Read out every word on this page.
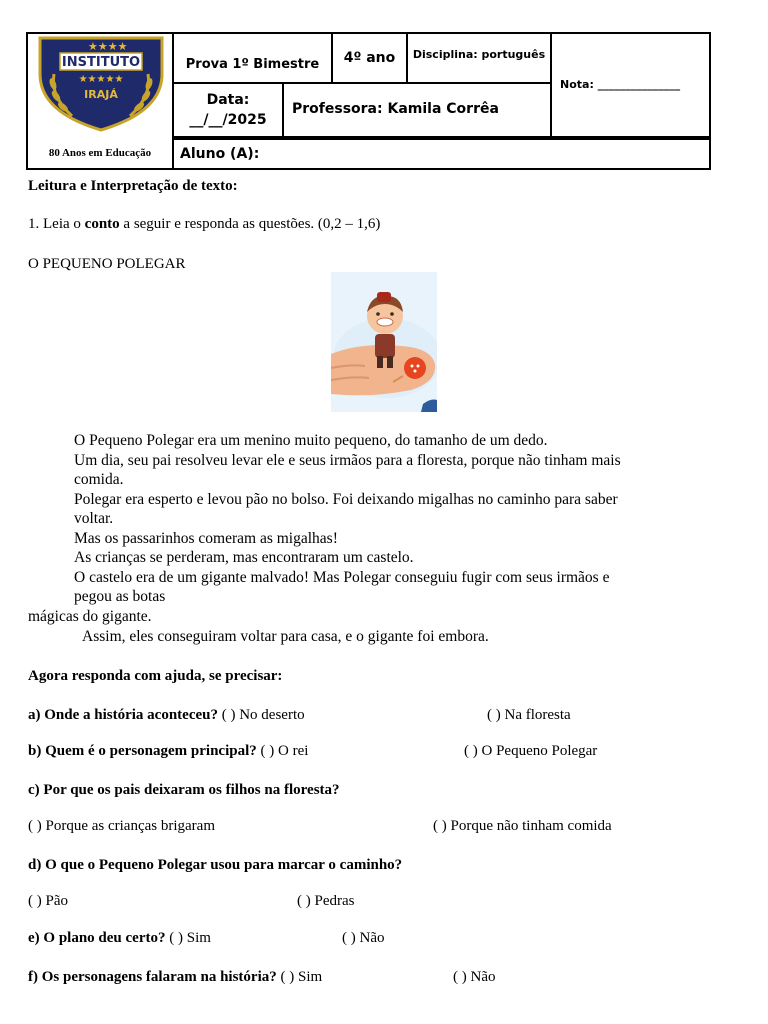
★★★★
INSTITUTO
★★★★★
IRAJÁ
80 Anos em Educação
Prova 1º Bimestre	4º ano	Disciplina: português
Nota: _______________
Data:
__/__/2025
Professora: Kamila Corrêa
Aluno (A):
Leitura e Interpretação de texto:
1. Leia o conto a seguir e responda as questões. (0,2 – 1,6)
O PEQUENO POLEGAR

O Pequeno Polegar era um menino muito pequeno, do tamanho de um dedo.

Um dia, seu pai resolveu levar ele e seus irmãos para a floresta, porque não tinham mais

comida.

Polegar era esperto e levou pão no bolso. Foi deixando migalhas no caminho para saber

voltar.

Mas os passarinhos comeram as migalhas!

As crianças se perderam, mas encontraram um castelo.

O castelo era de um gigante malvado! Mas Polegar conseguiu fugir com seus irmãos e

pegou as botas

mágicas do gigante.
Assim, eles conseguiram voltar para casa, e o gigante foi embora.
Agora responda com ajuda, se precisar:
a) Onde a história aconteceu? ( ) No deserto	( ) Na floresta
b) Quem é o personagem principal? ( ) O rei	( ) O Pequeno Polegar
c) Por que os pais deixaram os filhos na floresta?
( ) Porque as crianças brigaram	( ) Porque não tinham comida
d) O que o Pequeno Polegar usou para marcar o caminho?
( ) Pão	( ) Pedras
e) O plano deu certo? ( ) Sim	( ) Não
f) Os personagens falaram na história? ( ) Sim	( ) Não
